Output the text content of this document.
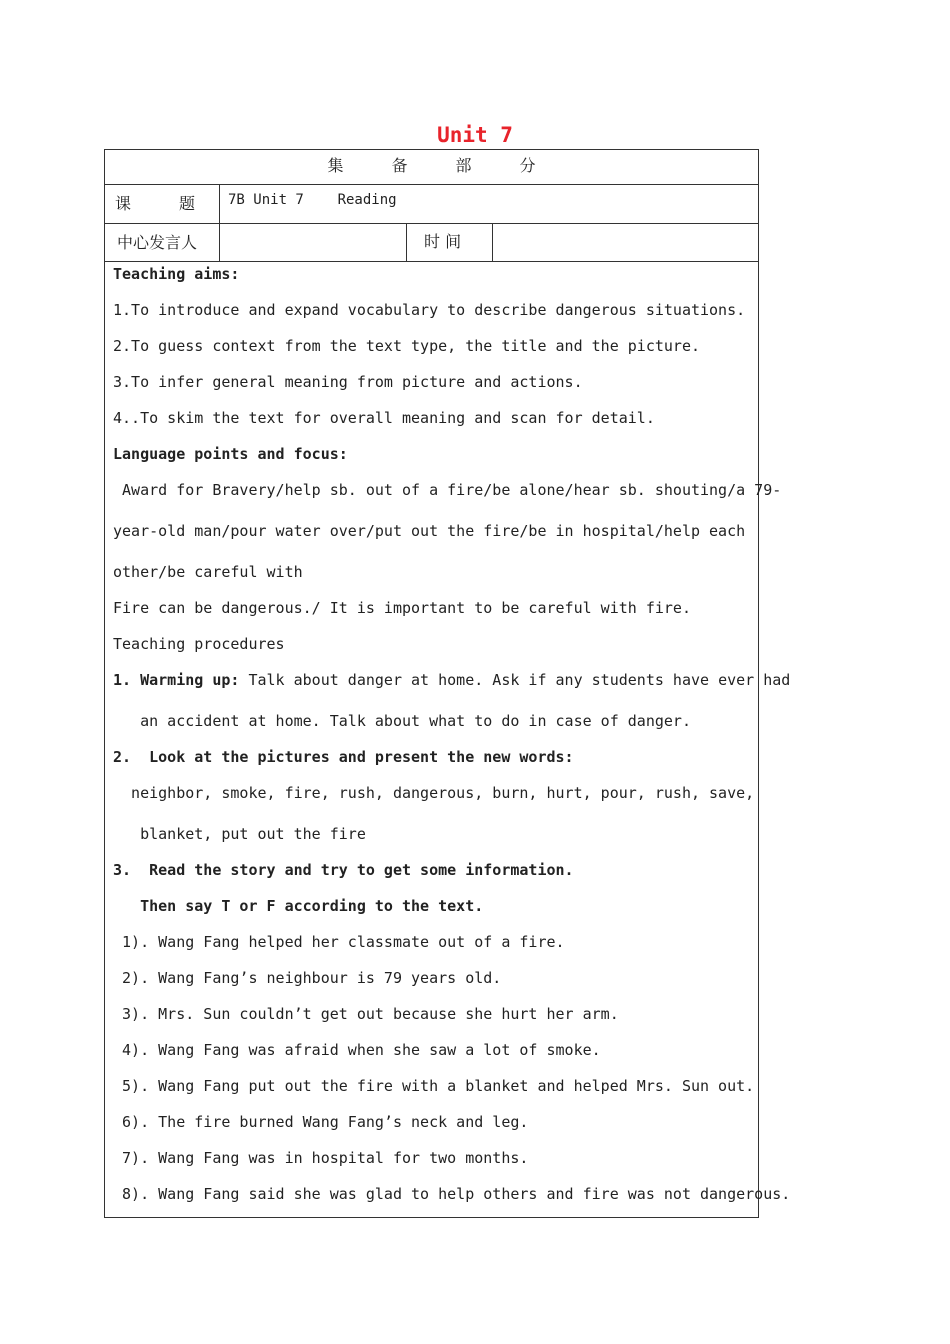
Unit 7
集　　　备　　　部　　　分
课　　　题 7B Unit 7    Reading
中心发言人	时 间
Teaching aims:
1.To introduce and expand vocabulary to describe dangerous situations.
2.To guess context from the text type, the title and the picture.
3.To infer general meaning from picture and actions.
4..To skim the text for overall meaning and scan for detail.
Language points and focus:
Award for Bravery/help sb. out of a fire/be alone/hear sb. shouting/a 79-
year-old man/pour water over/put out the fire/be in hospital/help each
other/be careful with
Fire can be dangerous./ It is important to be careful with fire.
Teaching procedures
1. Warming up: Talk about danger at home. Ask if any students have ever had
an accident at home. Talk about what to do in case of danger.
2.  Look at the pictures and present the new words:
neighbor, smoke, fire, rush, dangerous, burn, hurt, pour, rush, save,
blanket, put out the fire
3.  Read the story and try to get some information.
Then say T or F according to the text.
1). Wang Fang helped her classmate out of a fire.
2). Wang Fang’s neighbour is 79 years old.
3). Mrs. Sun couldn’t get out because she hurt her arm.
4). Wang Fang was afraid when she saw a lot of smoke.
5). Wang Fang put out the fire with a blanket and helped Mrs. Sun out.
6). The fire burned Wang Fang’s neck and leg.
7). Wang Fang was in hospital for two months.
8). Wang Fang said she was glad to help others and fire was not dangerous.
